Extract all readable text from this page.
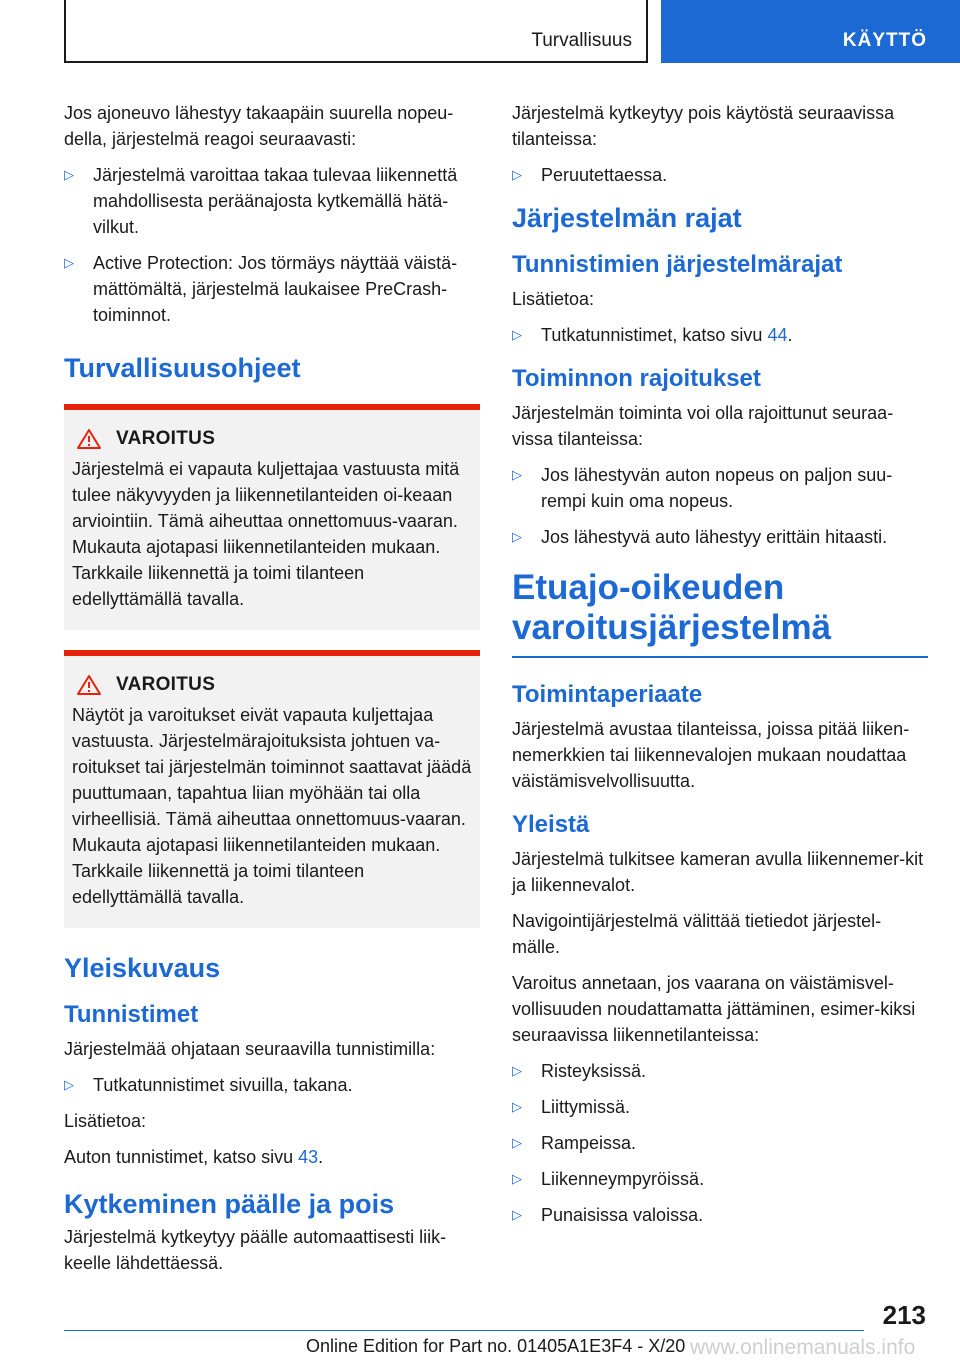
Turvallisuus	KÄYTTÖ

Jos ajoneuvo lähestyy takaapäin suurella nopeu-della, järjestelmä reagoi seuraavasti:

▷ Järjestelmä varoittaa takaa tulevaa liikennettä mahdollisesta peräänajosta kytkemällä hätä-vilkut.
▷ Active Protection: Jos törmäys näyttää väistä-mättömältä, järjestelmä laukaisee PreCrash-toiminnot.
Turvallisuusohjeet
VAROITUS

Järjestelmä ei vapauta kuljettajaa vastuusta mitä tulee näkyvyyden ja liikennetilanteiden oi-keaan arviointiin. Tämä aiheuttaa onnettomuus-vaaran. Mukauta ajotapasi liikennetilanteiden mukaan. Tarkkaile liikennettä ja toimi tilanteen edellyttämällä tavalla.

VAROITUS

Näytöt ja varoitukset eivät vapauta kuljettajaa vastuusta. Järjestelmärajoituksista johtuen va-roitukset tai järjestelmän toiminnot saattavat jäädä puuttumaan, tapahtua liian myöhään tai olla virheellisiä. Tämä aiheuttaa onnettomuus-vaaran. Mukauta ajotapasi liikennetilanteiden mukaan. Tarkkaile liikennettä ja toimi tilanteen edellyttämällä tavalla.

Yleiskuvaus
Tunnistimet

Järjestelmää ohjataan seuraavilla tunnistimilla:

▷ Tutkatunnistimet sivuilla, takana.

Lisätietoa:

Auton tunnistimet, katso sivu 43.

Kytkeminen päälle ja pois

Järjestelmä kytkeytyy päälle automaattisesti liik-keelle lähdettäessä.

Järjestelmä kytkeytyy pois käytöstä seuraavissa tilanteissa:

▷ Peruutettaessa.
Järjestelmän rajat
Tunnistimien järjestelmärajat

Lisätietoa:

▷ Tutkatunnistimet, katso sivu 44.
Toiminnon rajoitukset

Järjestelmän toiminta voi olla rajoittunut seuraa-vissa tilanteissa:

▷ Jos lähestyvän auton nopeus on paljon suu-rempi kuin oma nopeus.
▷ Jos lähestyvä auto lähestyy erittäin hitaasti.
Etuajo-oikeuden
varoitusjärjestelmä
Toimintaperiaate

Järjestelmä avustaa tilanteissa, joissa pitää liiken-nemerkkien tai liikennevalojen mukaan noudattaa väistämisvelvollisuutta.

Yleistä

Järjestelmä tulkitsee kameran avulla liikennemer-kit ja liikennevalot.

Navigointijärjestelmä välittää tietiedot järjestel-mälle.

Varoitus annetaan, jos vaarana on väistämisvel-vollisuuden noudattamatta jättäminen, esimer-kiksi seuraavissa liikennetilanteissa:

▷ Risteyksissä.
▷ Liittymissä.
▷ Rampeissa.
▷ Liikenneympyröissä.
▷ Punaisissa valoissa.
213
Online Edition for Part no. 01405A1E3F4 - X/20 www.onlinemanuals.info
